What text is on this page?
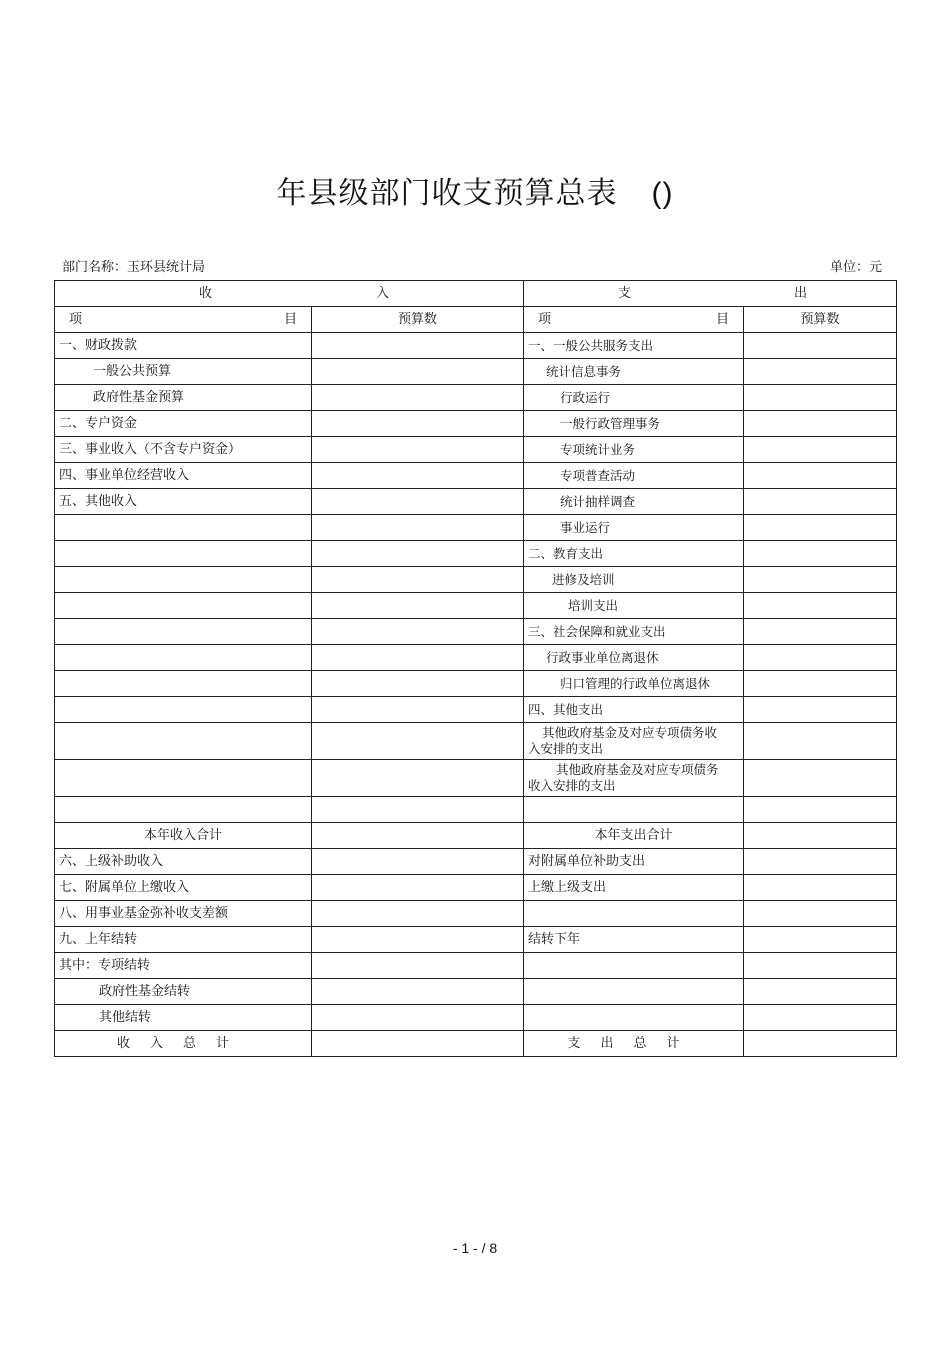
年县级部门收支预算总表 ()
部门名称：玉环县统计局	单位：元
收 入		支 出	

项 目	预算数	项 目	预算数
一、财政拨款		一、一般公共服务支出	
一般公共预算		统计信息事务	
政府性基金预算		行政运行	
二、专户资金		一般行政管理事务	
三、事业收入（不含专户资金）		专项统计业务	
四、事业单位经营收入		专项普查活动	
五、其他收入		统计抽样调查	
		事业运行	
		二、教育支出	
		进修及培训	
		培训支出	
		三、社会保障和就业支出	
		行政事业单位离退休	
		归口管理的行政单位离退休	
		四、其他支出	
		其他政府基金及对应专项债务收入安排的支出	
		其他政府基金及对应专项债务收入安排的支出	

本年收入合计		本年支出合计	
六、上级补助收入		对附属单位补助支出	
七、附属单位上缴收入		上缴上级支出	
八、用事业基金弥补收支差额			
九、上年结转		结转下年	
其中：专项结转			
政府性基金结转			
其他结转			
收入总计		支出总计	
- 1 - / 8
